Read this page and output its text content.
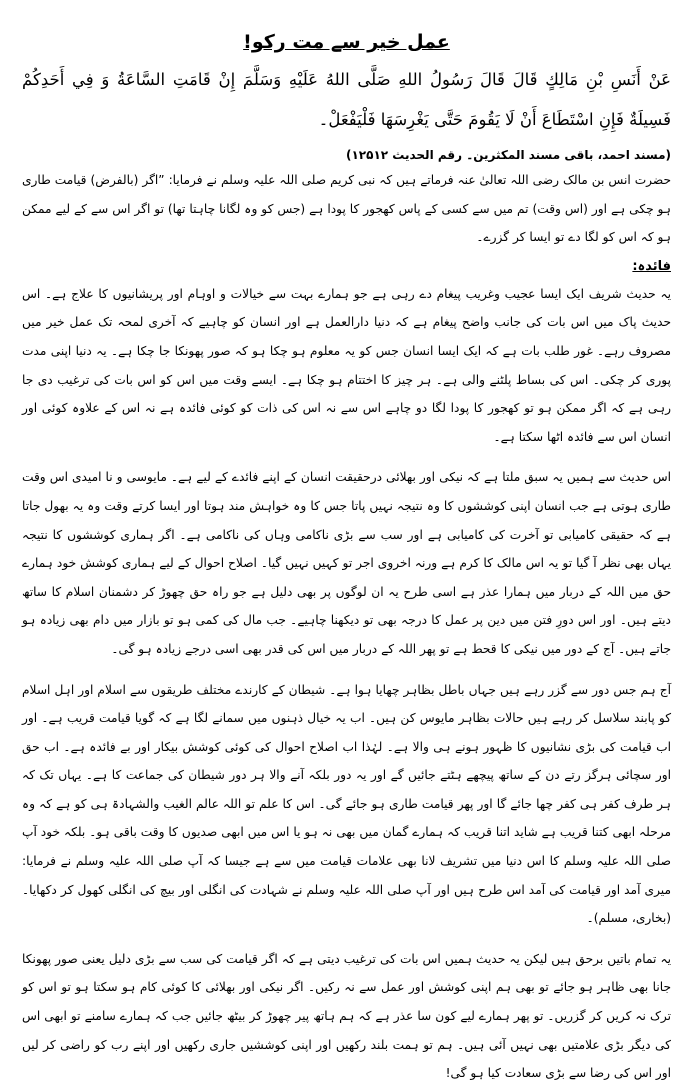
عمل خیر سے مت رکو!

عَنْ أَنَسِ بْنِ مَالِكٍ قَالَ قَالَ رَسُولُ اللهِ صَلَّى اللهُ عَلَيْهِ وَسَلَّمَ إِنْ قَامَتِ السَّاعَةُ وَ فِي أَحَدِكُمْ فَسِيلَةٌ فَإِنِ اسْتَطَاعَ أَنْ لَا يَقُومَ حَتَّى يَغْرِسَهَا فَلْيَفْعَلْ۔

(مسند احمد، باقی مسند المکثرین۔ رقم الحدیث ۱۲۵۱۲)

حضرت انس بن مالک رضی اللہ تعالیٰ عنہ فرماتے ہیں کہ نبی کریم صلی اللہ علیہ وسلم نے فرمایا: ”اگر (بالفرض) قیامت طاری ہو چکی ہے اور (اس وقت) تم میں سے کسی کے پاس کھجور کا پودا ہے (جس کو وہ لگانا چاہتا تھا) تو اگر اس سے کے لیے ممکن ہو کہ اس کو لگا دے تو ایسا کر گزرے۔

فائدہ:

یہ حدیث شریف ایک ایسا عجیب وغریب پیغام دے رہی ہے جو ہمارے بہت سے خیالات و اوہام اور پریشانیوں کا علاج ہے۔ اس حدیث پاک میں اس بات کی جانب واضح پیغام ہے کہ دنیا دارالعمل ہے اور انسان کو چاہیے کہ آخری لمحہ تک عمل خیر میں مصروف رہے۔ غور طلب بات ہے کہ ایک ایسا انسان جس کو یہ معلوم ہو چکا ہو کہ صور پھونکا جا چکا ہے۔ یہ دنیا اپنی مدت پوری کر چکی۔ اس کی بساط پلٹنے والی ہے۔ ہر چیز کا اختتام ہو چکا ہے۔ ایسے وقت میں اس کو اس بات کی ترغیب دی جا رہی ہے کہ اگر ممکن ہو تو کھجور کا پودا لگا دو چاہے اس سے نہ اس کی ذات کو کوئی فائدہ ہے نہ اس کے علاوہ کوئی اور انسان اس سے فائدہ اٹھا سکتا ہے۔

اس حدیث سے ہمیں یہ سبق ملتا ہے کہ نیکی اور بھلائی درحقیقت انسان کے اپنے فائدے کے لیے ہے۔ مایوسی و نا امیدی اس وقت طاری ہوتی ہے جب انسان اپنی کوششوں کا وہ نتیجہ نہیں پاتا جس کا وہ خواہش مند ہوتا اور ایسا کرتے وقت وہ یہ بھول جاتا ہے کہ حقیقی کامیابی تو آخرت کی کامیابی ہے اور سب سے بڑی ناکامی وہاں کی ناکامی ہے۔ اگر ہماری کوششوں کا نتیجہ یہاں بھی نظر آ گیا تو یہ اس مالک کا کرم ہے ورنہ اخروی اجر تو کہیں نہیں گیا۔ اصلاح احوال کے لیے ہماری کوشش خود ہمارے حق میں اللہ کے دربار میں ہمارا عذر ہے اسی طرح یہ ان لوگوں پر بھی دلیل ہے جو راہ حق چھوڑ کر دشمنان اسلام کا ساتھ دیتے ہیں۔ اور اس دورِ فتن میں دین پر عمل کا درجہ بھی تو دیکھنا چاہیے۔ جب مال کی کمی ہو تو بازار میں دام بھی زیادہ ہو جاتے ہیں۔ آج کے دور میں نیکی کا قحط ہے تو پھر اللہ کے دربار میں اس کی قدر بھی اسی درجے زیادہ ہو گی۔

آج ہم جس دور سے گزر رہے ہیں جہاں باطل بظاہر چھایا ہوا ہے۔ شیطان کے کارندے مختلف طریقوں سے اسلام اور اہل اسلام کو پابند سلاسل کر رہے ہیں حالات بظاہر مایوس کن ہیں۔ اب یہ خیال ذہنوں میں سمانے لگا ہے کہ گویا قیامت قریب ہے۔ اور اب قیامت کی بڑی نشانیوں کا ظہور ہونے ہی والا ہے۔ لہٰذا اب اصلاح احوال کی کوئی کوشش بیکار اور بے فائدہ ہے۔ اب حق اور سچائی ہرگز رتے دن کے ساتھ پیچھے ہٹتے جائیں گے اور یہ دور بلکہ آنے والا ہر دور شیطان کی جماعت کا ہے۔ یہاں تک کہ ہر طرف کفر ہی کفر چھا جائے گا اور پھر قیامت طاری ہو جائے گی۔ اس کا علم تو اللہ عالم الغیب والشہادۃ ہی کو ہے کہ وہ مرحلہ ابھی کتنا قریب ہے شاید اتنا قریب کہ ہمارے گمان میں بھی نہ ہو یا اس میں ابھی صدیوں کا وقت باقی ہو۔ بلکہ خود آپ صلی اللہ علیہ وسلم کا اس دنیا میں تشریف لانا بھی علامات قیامت میں سے ہے جیسا کہ آپ صلی اللہ علیہ وسلم نے فرمایا: میری آمد اور قیامت کی آمد اس طرح ہیں اور آپ صلی اللہ علیہ وسلم نے شہادت کی انگلی اور بیچ کی انگلی کھول کر دکھایا۔ (بخاری، مسلم)۔

یہ تمام باتیں برحق ہیں لیکن یہ حدیث ہمیں اس بات کی ترغیب دیتی ہے کہ اگر قیامت کی سب سے بڑی دلیل یعنی صور پھونکا جانا بھی ظاہر ہو جائے تو بھی ہم اپنی کوشش اور عمل سے نہ رکیں۔ اگر نیکی اور بھلائی کا کوئی کام ہو سکتا ہو تو اس کو ترک نہ کریں کر گزریں۔ تو پھر ہمارے لیے کون سا عذر ہے کہ ہم ہاتھ پیر چھوڑ کر بیٹھ جائیں جب کہ ہمارے سامنے تو ابھی اس کی دیگر بڑی علامتیں بھی نہیں آئی ہیں۔ ہم تو ہمت بلند رکھیں اور اپنی کوششیں جاری رکھیں اور اپنے رب کو راضی کر لیں اور اس کی رضا سے بڑی سعادت کیا ہو گی!
